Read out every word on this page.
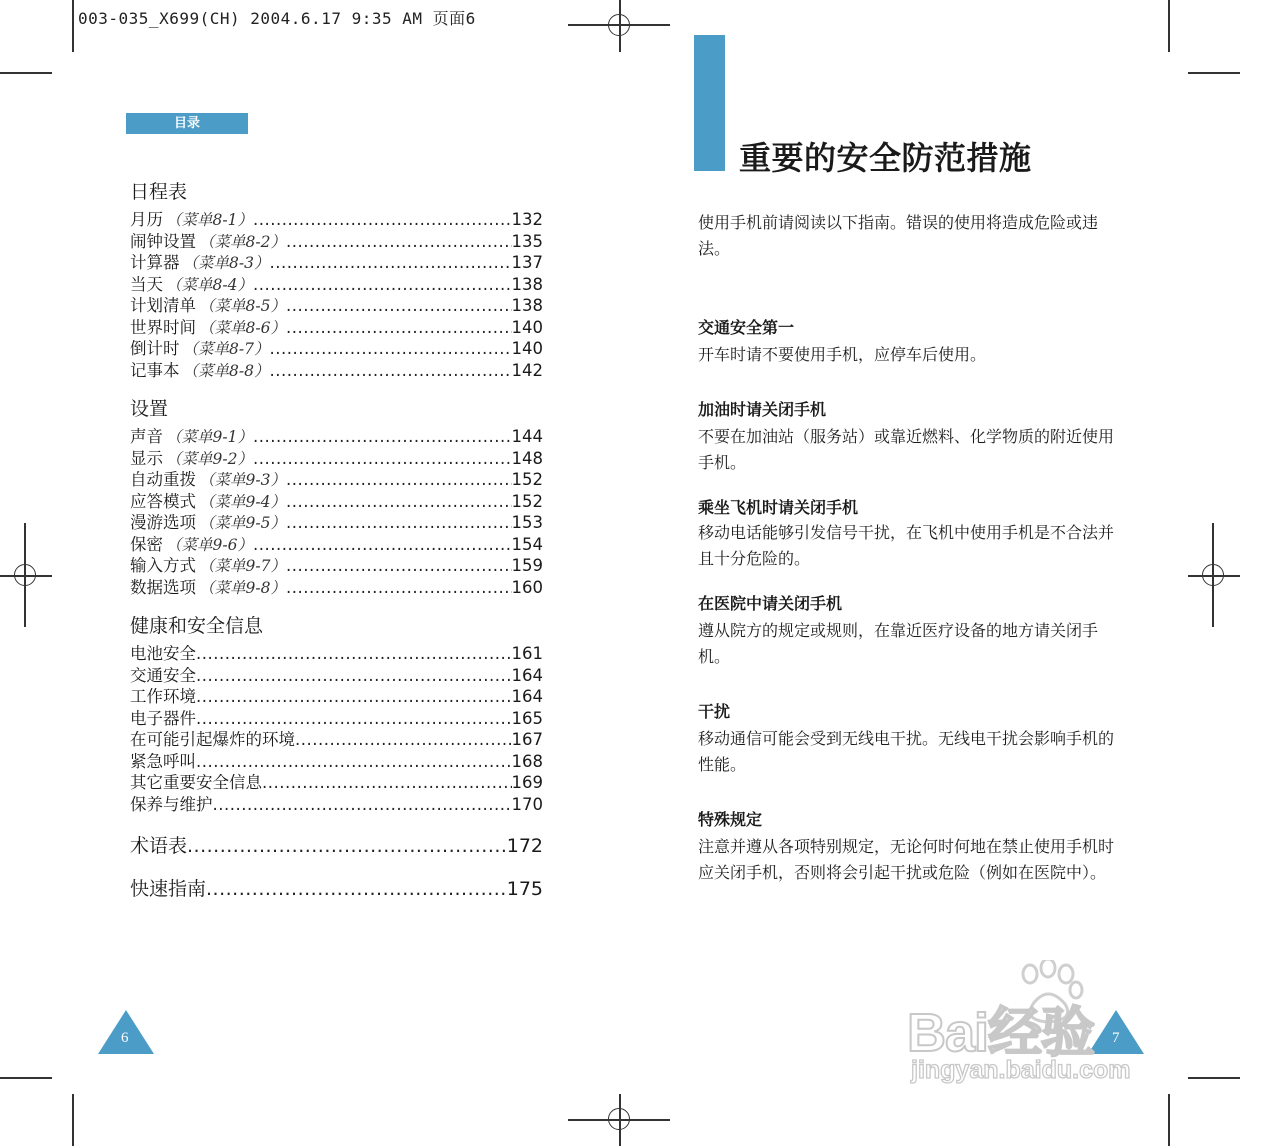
003-035_X699(CH) 2004.6.17 9:35 AM 页面6
目录
日程表
月历 （菜单8-1） .....	132
闹钟设置 （菜单8-2） .....	135
计算器 （菜单8-3） .....	137
当天 （菜单8-4） .....	138
计划清单 （菜单8-5） .....	138
世界时间 （菜单8-6） .....	140
倒计时 （菜单8-7） .....	140
记事本 （菜单8-8） .....	142
设置
声音 （菜单9-1） .....	144
显示 （菜单9-2） .....	148
自动重拨 （菜单9-3） .....	152
应答模式 （菜单9-4） .....	152
漫游选项 （菜单9-5） .....	153
保密 （菜单9-6） .....	154
输入方式 （菜单9-7） .....	159
数据选项 （菜单9-8） .....	160
健康和安全信息
电池安全 .....	161
交通安全 .....	164
工作环境 .....	164
电子器件 .....	165
在可能引起爆炸的环境 .....	167
紧急呼叫 .....	168
其它重要安全信息 .....	169
保养与维护 .....	170
术语表 .....	172
快速指南 .....	175
6
重要的安全防范措施

使用手机前请阅读以下指南。错误的使用将造成危险或违法。

交通安全第一

开车时请不要使用手机，应停车后使用。

加油时请关闭手机

不要在加油站（服务站）或靠近燃料、化学物质的附近使用手机。

乘坐飞机时请关闭手机

移动电话能够引发信号干扰，在飞机中使用手机是不合法并且十分危险的。

在医院中请关闭手机

遵从院方的规定或规则，在靠近医疗设备的地方请关闭手机。

干扰

移动通信可能会受到无线电干扰。无线电干扰会影响手机的性能。

特殊规定

注意并遵从各项特别规定，无论何时何地在禁止使用手机时应关闭手机，否则将会引起干扰或危险（例如在医院中）。

7
Bai经验
jingyan.baidu.com
